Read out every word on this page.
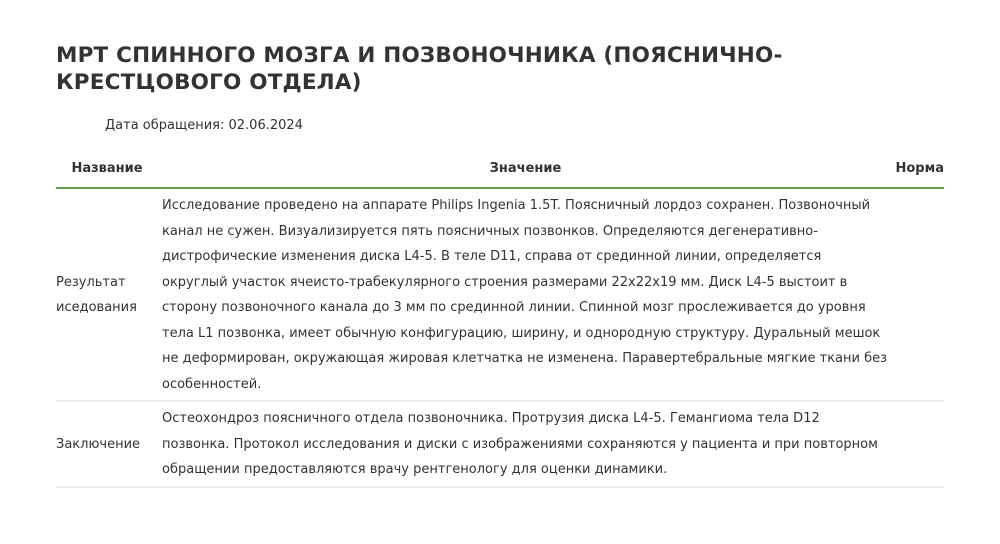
МРТ СПИННОГО МОЗГА И ПОЗВОНОЧНИКА (ПОЯСНИЧНО-КРЕСТЦОВОГО ОТДЕЛА)
Дата обращения: 02.06.2024
Название	Значение	Норма
Результат иседования	Исследование проведено на аппарате Philips Ingenia 1.5T. Поясничный лордоз сохранен. Позвоночный канал не сужен. Визуализируется пять поясничных позвонков. Определяются дегенеративно-дистрофические изменения диска L4-5. В теле D11, справа от срединной линии, определяется округлый участок ячеисто-трабекулярного строения размерами 22x22x19 мм. Диск L4-5 выстоит в сторону позвоночного канала до 3 мм по срединной линии. Спинной мозг прослеживается до уровня тела L1 позвонка, имеет обычную конфигурацию, ширину, и однородную структуру. Дуральный мешок не деформирован, окружающая жировая клетчатка не изменена. Паравертебральные мягкие ткани без особенностей.	
Заключение	Остеохондроз поясничного отдела позвоночника. Протрузия диска L4-5. Гемангиома тела D12 позвонка. Протокол исследования и диски с изображениями сохраняются у пациента и при повторном обращении предоставляются врачу рентгенологу для оценки динамики.	
